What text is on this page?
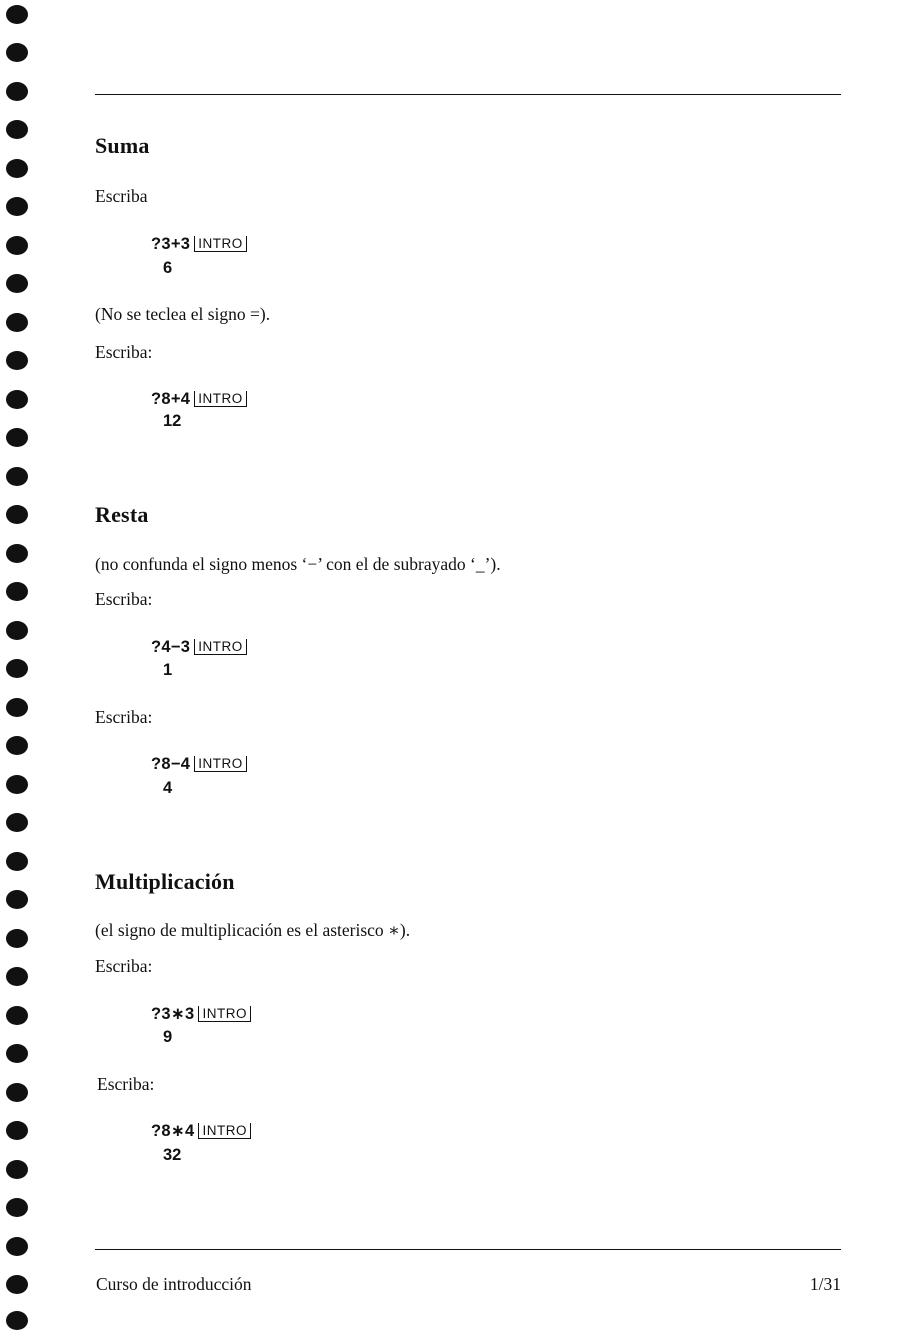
Suma

Escriba

?3+3 INTRO

6

(No se teclea el signo =).

Escriba:

?8+4 INTRO

12

Resta

(no confunda el signo menos ‘−’ con el de subrayado ‘_’).

Escriba:

?4−3 INTRO

1

Escriba:

?8−4 INTRO

4

Multiplicación

(el signo de multiplicación es el asterisco ∗).

Escriba:

?3∗3 INTRO

9

Escriba:

?8∗4 INTRO

32

Curso de introducción	1/31
